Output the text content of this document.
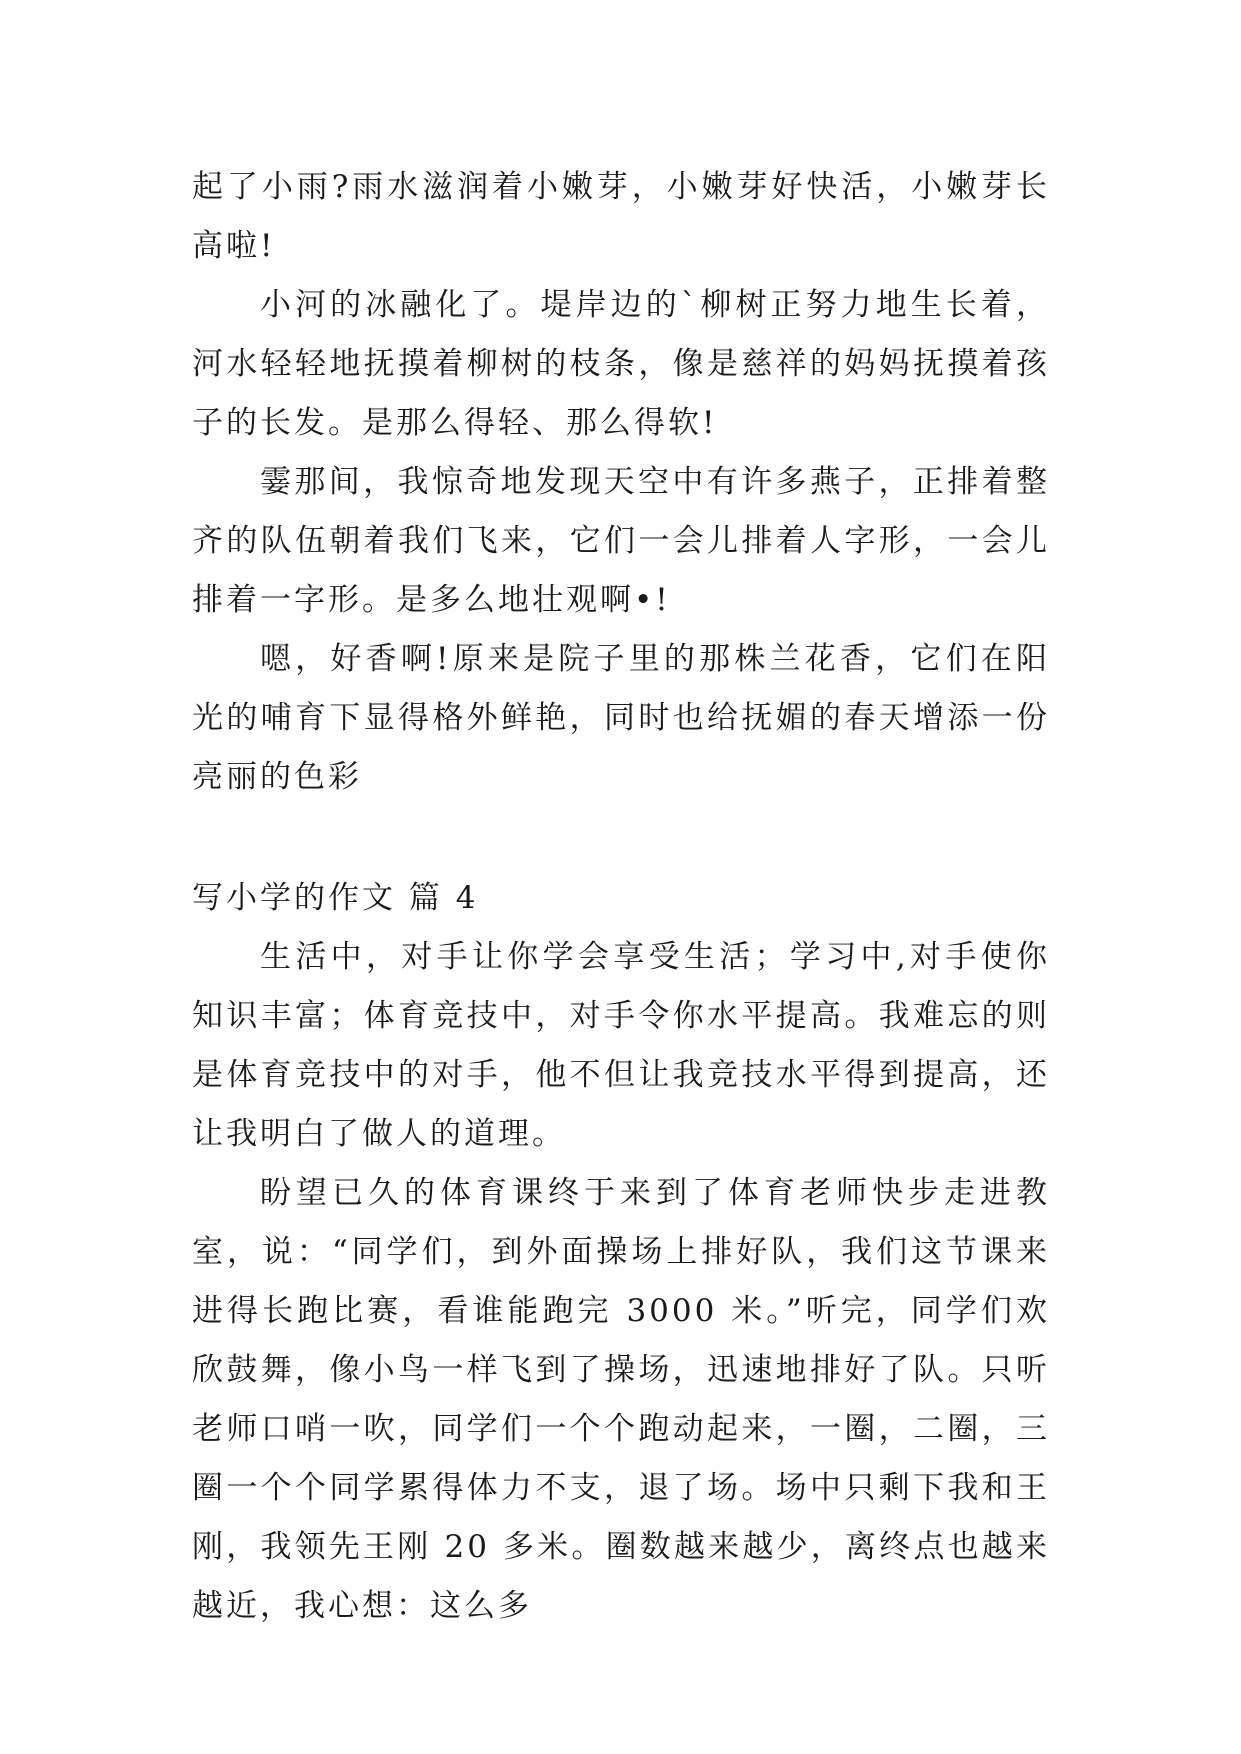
起了小雨?雨水滋润着小嫩芽，小嫩芽好快活，小嫩芽长高啦!

小河的冰融化了。堤岸边的`柳树正努力地生长着，河水轻轻地抚摸着柳树的枝条，像是慈祥的妈妈抚摸着孩子的长发。是那么得轻、那么得软!

霎那间，我惊奇地发现天空中有许多燕子，正排着整齐的队伍朝着我们飞来，它们一会儿排着人字形，一会儿排着一字形。是多么地壮观啊•!

嗯，好香啊!原来是院子里的那株兰花香，它们在阳光的哺育下显得格外鲜艳，同时也给抚媚的春天增添一份亮丽的色彩

写小学的作文 篇 4

生活中，对手让你学会享受生活；学习中,对手使你知识丰富；体育竞技中，对手令你水平提高。我难忘的则是体育竞技中的对手，他不但让我竞技水平得到提高，还让我明白了做人的道理。

盼望已久的体育课终于来到了体育老师快步走进教室，说：“同学们，到外面操场上排好队，我们这节课来进得长跑比赛，看谁能跑完 3000 米。”听完，同学们欢欣鼓舞，像小鸟一样飞到了操场，迅速地排好了队。只听老师口哨一吹，同学们一个个跑动起来，一圈，二圈，三圈一个个同学累得体力不支，退了场。场中只剩下我和王刚，我领先王刚 20 多米。圈数越来越少，离终点也越来越近，我心想：这么多
